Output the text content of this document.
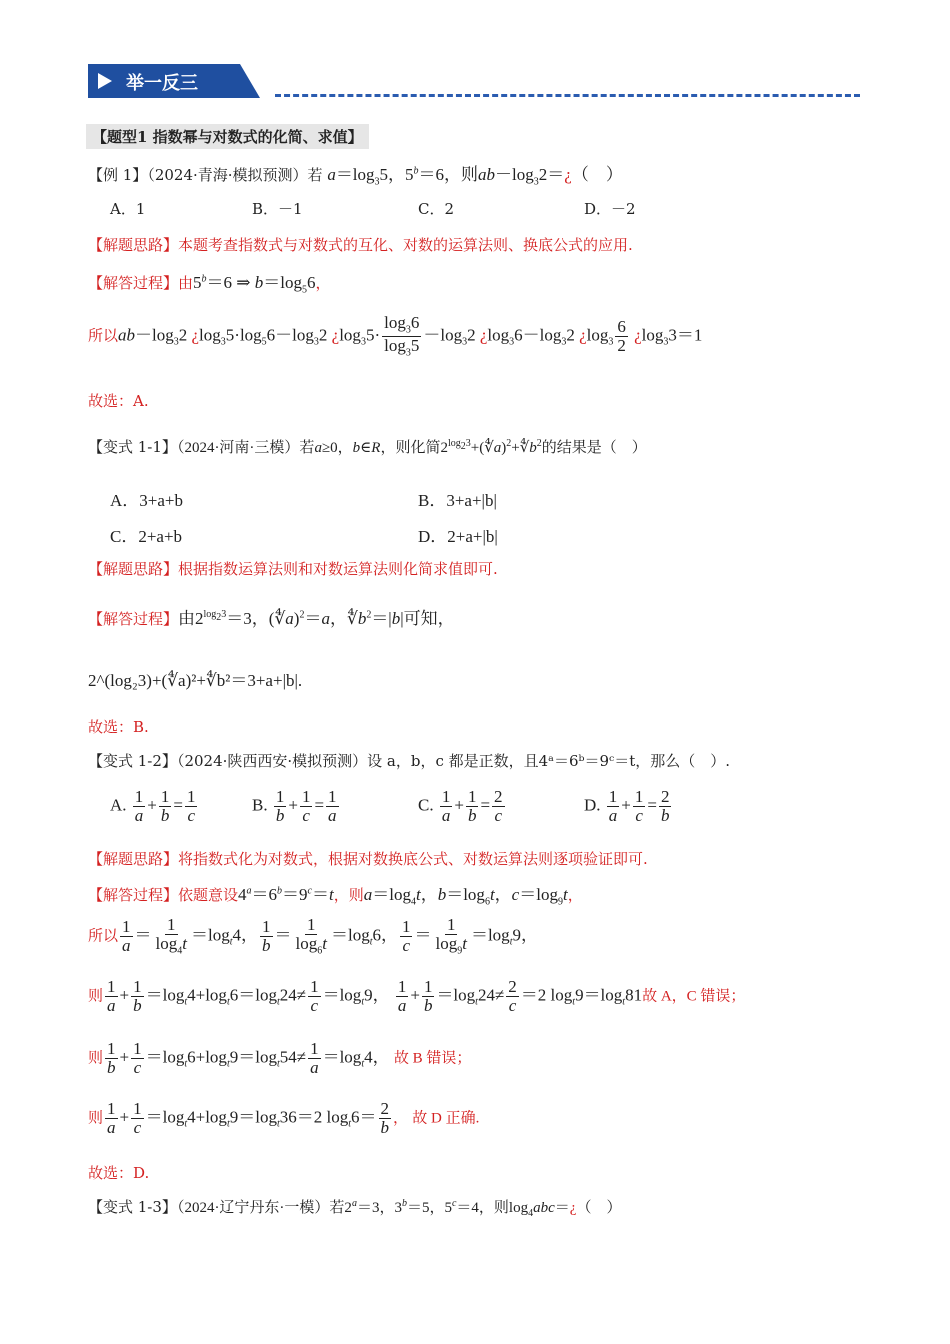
举一反三
【题型1 指数幂与对数式的化简、求值】
【例 1】（2024·青海·模拟预测）若 $a=\log_35$，$5^b=6$，则$ab-\log_32=¿$（　）
A．1	B．－1	C．2	D．－2
【解题思路】本题考查指数式与对数式的互化、对数的运算法则、换底公式的应用.
【解答过程】由$5^b=6$ ⇒ $b=\log_56$，
所以$ab-\log_32$ ¿$\log_35\cdot\log_56-\log_32$ ¿$\log_35\cdot \frac{\log_36}{\log_35} -\log_32$ ¿$\log_36-\log_32$ ¿$\log_3 \frac{6}{2}$ ¿$\log_33=1$
故选：A.
【变式 1-1】（2024·河南·三模）若a≥0，b∈R，则化简$2^{log_23}+(∜a)^2+∜b^2$的结果是（　）
A．3+a+b	B．3+a+|b|
C．2+a+b	D．2+a+|b|
【解题思路】根据指数运算法则和对数运算法则化简求值即可.
【解答过程】由$2^{log_23}=3$，(∜a)$^2$＝a，$∜b^2=|b|$可知，
2^(log₂3)+(∜a)²+∜b²＝3+a+|b|.
故选：B.
【变式 1-2】（2024·陕西西安·模拟预测）设 a，b，c 都是正数，且4ᵃ＝6ᵇ＝9ᶜ＝t，那么（　）.
A. $\frac{1}{a} + \frac{1}{b} = \frac{1}{c}$	B. $\frac{1}{b} + \frac{1}{c} = \frac{1}{a}$	C. $\frac{1}{a} + \frac{1}{b} = \frac{2}{c}$	D. $\frac{1}{a} + \frac{1}{c} = \frac{2}{b}$
【解题思路】将指数式化为对数式，根据对数换底公式、对数运算法则逐项验证即可.
【解答过程】依题意设$4^a=6^b=9^c=t$，则$a=\log_4t$，$b=\log_6t$，$c=\log_9t$，
所以 $\frac{1}{a} = \frac{1}{\log_4t} =\log_t4$， $\frac{1}{b} = \frac{1}{\log_6t} =\log_t6$， $\frac{1}{c} = \frac{1}{\log_9t} =\log_t9$，
则 $\frac{1}{a} + \frac{1}{b} =\log_t4+\log_t6=\log_t24\ne \frac{1}{c} =\log_t9$， $\frac{1}{a} + \frac{1}{b} =\log_t24\ne \frac{2}{c} =2$ $\log_t9=\log_t81$故 A，C 错误；
则 $\frac{1}{b} + \frac{1}{c} =\log_t6+\log_t9=\log_t54\ne \frac{1}{a} =\log_t4$， 故 B 错误；
则 $\frac{1}{a} + \frac{1}{c} =\log_t4+\log_t9=\log_t36=2$ $\log_t6= \frac{2}{b}$ ， 故 D 正确.
故选：D.
【变式 1-3】（2024·辽宁丹东·一模）若$2^a=3$，$3^b=5$，$5^c=4$，则$\log_4abc=¿$（　）
